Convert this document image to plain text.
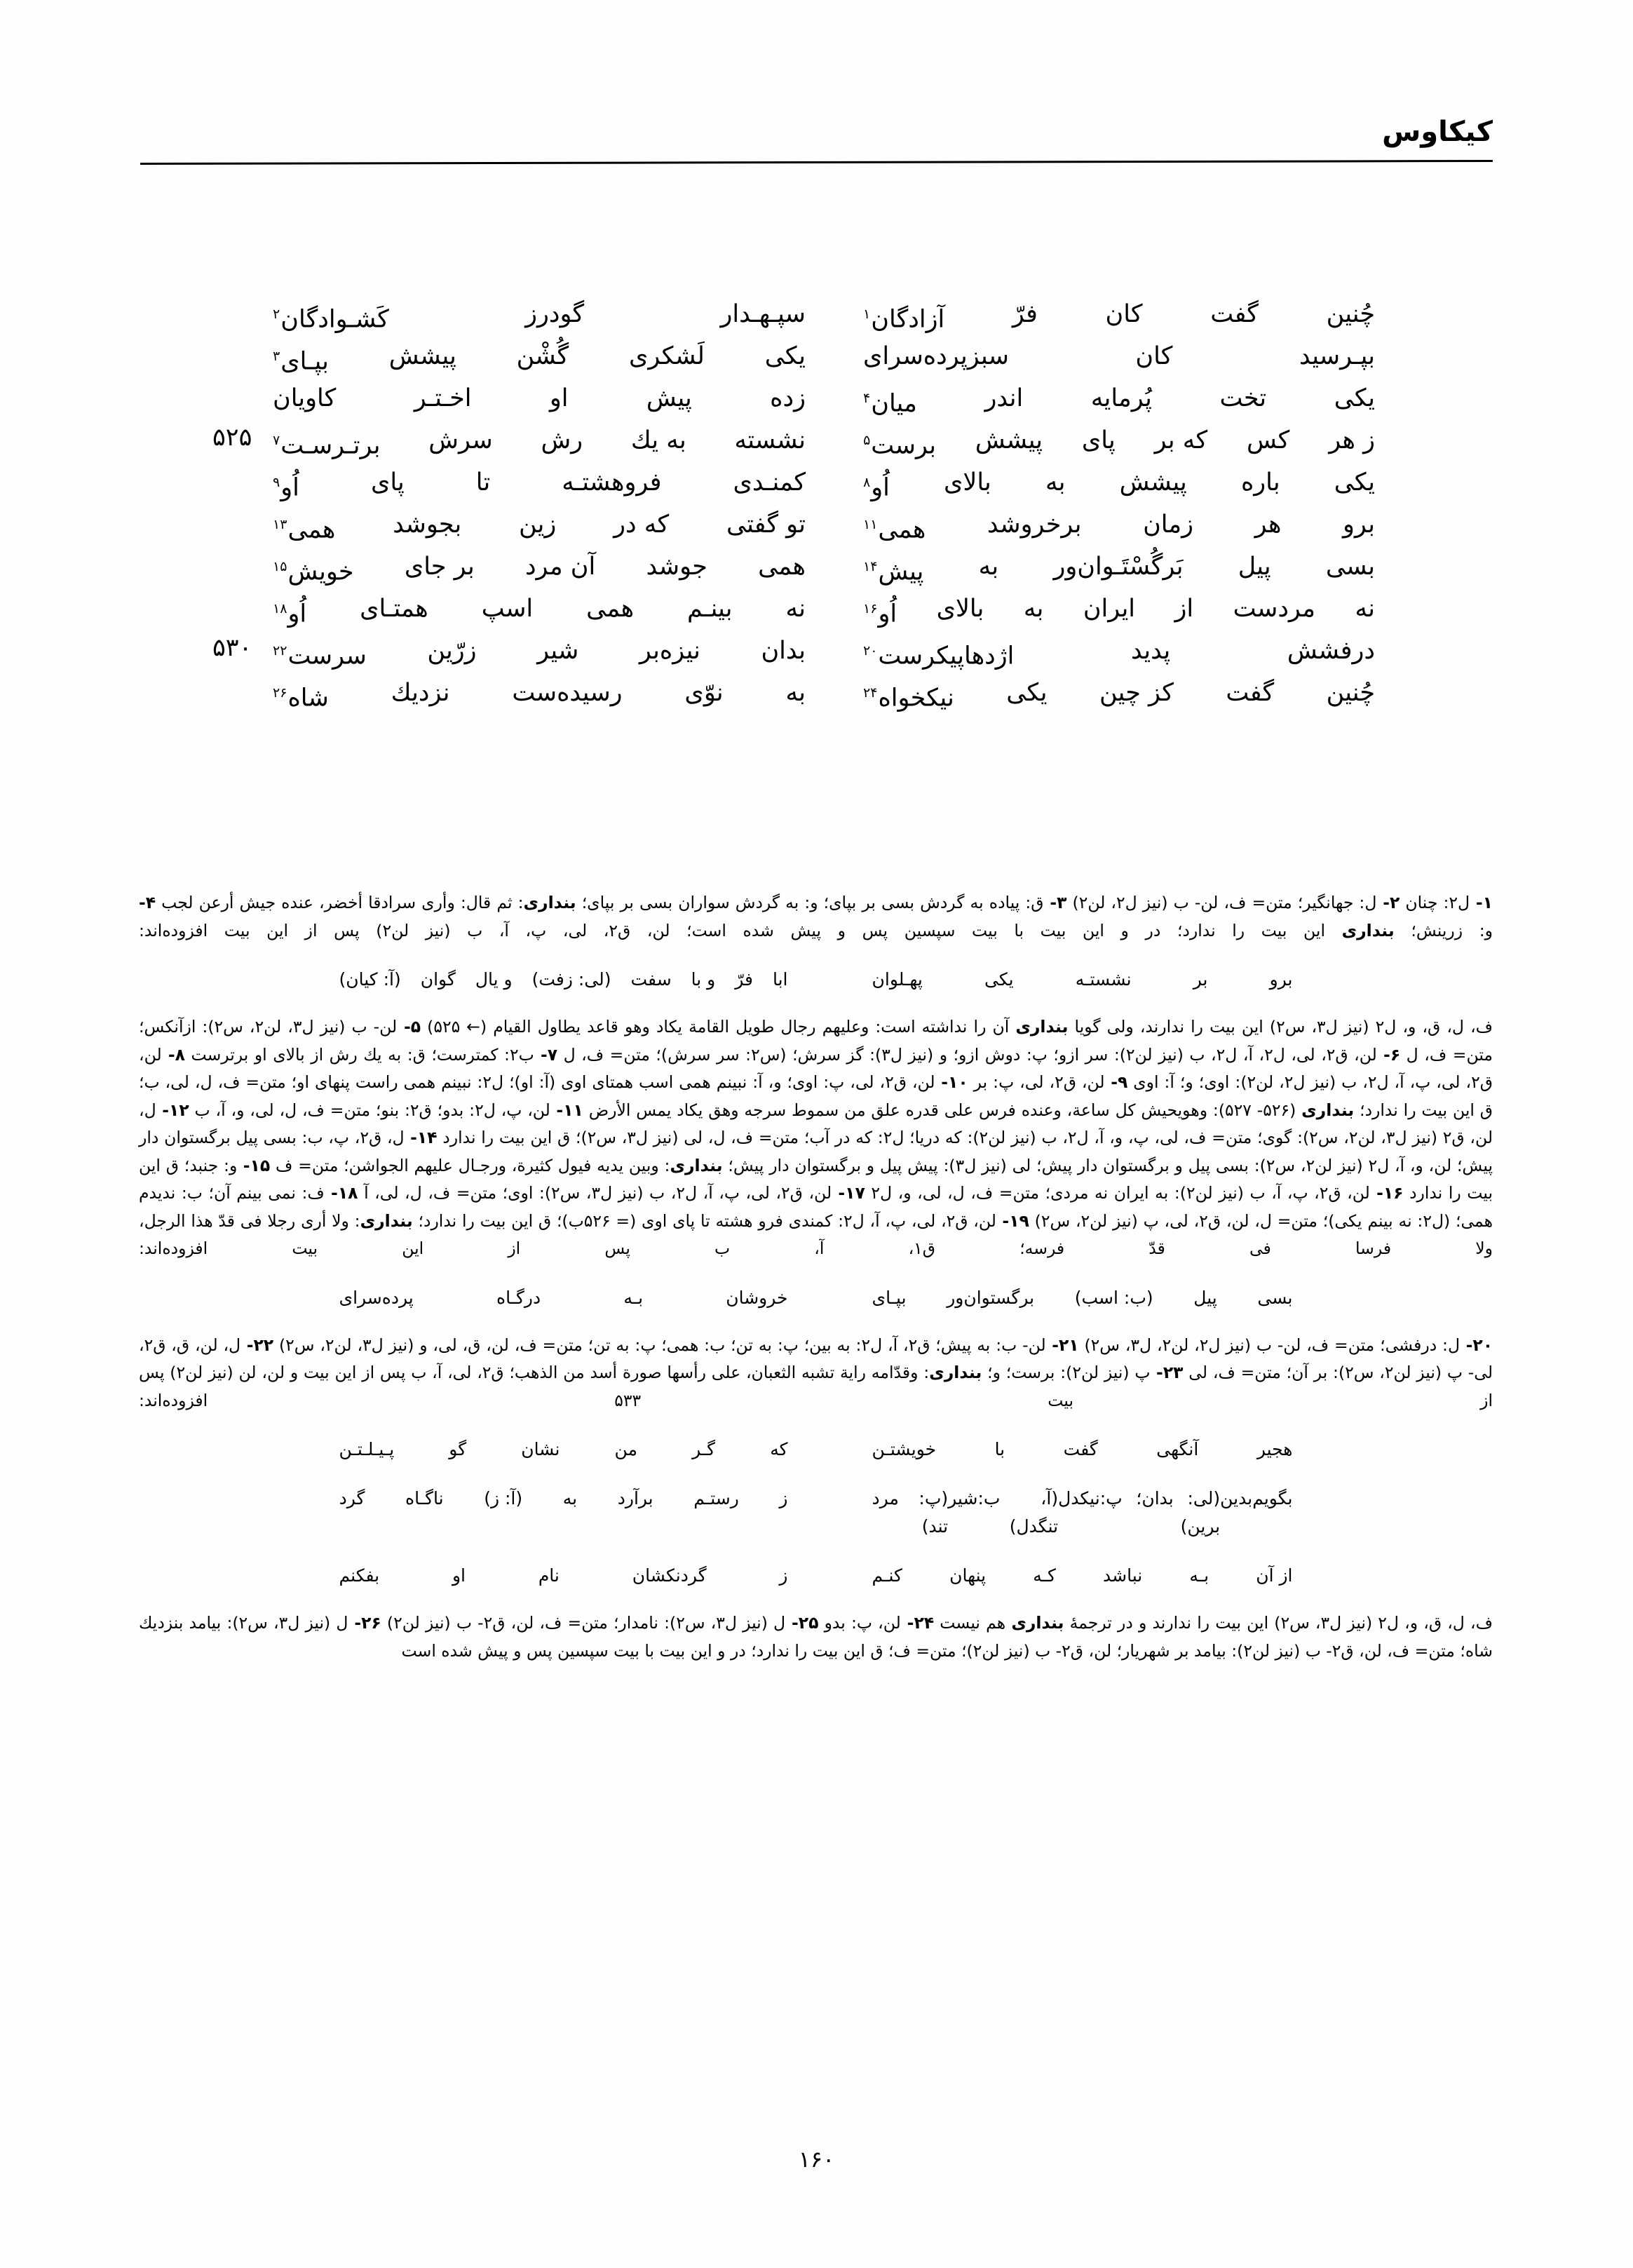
کیکاوس
چُنین
گفت
کان
فرّ
آزادگان$^۱$
سپـهـدار
گودرز
کَشـوادگان$^۲$
بپـرسید
کان
سبزپرده‌سرای
یکی
لَشکری
گُشْن
پیشش
بپـای$^۳$
یکی
تخت
پُرمایه
اندر
میان$^۴$
زده
پیش
او
اخـتـر
کاویان
۵۲۵	ز هر
کس
که بر
پای
پیشش
برست$^۵$
نشسته
به یك
رش
سرش
برتـرسـت$^۷$
یکی
باره
پیشش
به
بالای
اُو$^۸$
کمنـدی
فروهشتـه
تا
پای
اُو$^۹$
برو
هر
زمان
برخروشد
همی$^{۱۱}$
تو گفتی
که در
زین
بجوشد
همی$^{۱۳}$
بسی
پیل
بَرگُسْتَـوان‌ور
به
پیش$^{۱۴}$
همی
جوشد
آن مرد
بر جای
خویش$^{۱۵}$
نه
مردست
از
ایران
به
بالای
اُو$^{۱۶}$
نه
بینـم
همی
اسپ
همتـای
اُو$^{۱۸}$
۵۳۰	درفشش
پدید
اژدهاپیکرست$^{۲۰}$
بدان
نیزه‌بر
شیر
زرّین
سرست$^{۲۲}$
چُنین
گفت
کز چین
یکی
نیکخواه$^{۲۴}$
به
نوّی
رسیده‌ست
نزدیك
شاه$^{۲۶}$

۱- ل۲: چنان ۲- ل: جهانگیر؛ متن= ف، لن- ب (نیز ل۲، لن۲) ۳- ق: پیاده به گردش بسی بر بپای؛ و: به گردش سواران بسی بر بپای؛ بنداری: ثم قال: وأری سرادقا أخضر، عنده جیش أرعن لجب ۴- و: زرینش؛ بنداری این بیت را ندارد؛ در و این بیت با بیت سپسین پس و پیش شده است؛ لن، ق۲، لی، پ، آ، ب (نیز لن۲) پس از این بیت افزوده‌اند:

برو
بر
نشستـه
یکی
پهـلوان
ابا
فرّ
و با
سفت
(لی: زفت)
و یال
گوان
(آ: کیان)

ف، ل، ق، و، ل۲ (نیز ل۳، س۲) این بیت را ندارند، ولی گویا بنداری آن را نداشته است: وعلیهم رجال طویل القامة یكاد وهو قاعد یطاول القیام (← ۵۲۵) ۵- لن- ب (نیز ل۳، لن۲، س۲): ازآنکس؛ متن= ف، ل ۶- لن، ق۲، لی، ل۲، آ، ل۲، ب (نیز لن۲): سر ازو؛ پ: دوش ازو؛ و (نیز ل۳): گز سرش؛ (س۲: سر سرش)؛ متن= ف، ل ۷- ب۲: کمترست؛ ق: به یك رش از بالای او برترست ۸- لن، ق۲، لی، پ، آ، ل۲، ب (نیز ل۲، لن۲): اوی؛ و؛ آ: اوی ۹- لن، ق۲، لی، پ: بر ۱۰- لن، ق۲، لی، پ: اوی؛ و، آ: نبینم همی اسب همتای اوی (آ: او)؛ ل۲: نبینم همی راست پنهای او؛ متن= ف، ل، لی، ب؛ ق این بیت را ندارد؛ بنداری (۵۲۶- ۵۲۷): وهویحیش كل ساعة، وعنده فرس علی قدره علق من سموط سرجه وهق یكاد یمس الأرض ۱۱- لن، پ، ل۲: بدو؛ ق۲: بنو؛ متن= ف، ل، لی، و، آ، ب ۱۲- ل، لن، ق۲ (نیز ل۳، لن۲، س۲): گوی؛ متن= ف، لی، پ، و، آ، ل۲، ب (نیز لن۲): که دریا؛ ل۲: که در آب؛ متن= ف، ل، لی (نیز ل۳، س۲)؛ ق این بیت را ندارد ۱۴- ل، ق۲، پ، ب: بسی پیل برگستوان دار پیش؛ لن، و، آ، ل۲ (نیز لن۲، س۲): بسی پیل و برگستوان دار پیش؛ لی (نیز ل۳): پیش پیل و برگستوان دار پیش؛ بنداری: وبین یدیه فیول كثیرة، ورجـال علیهم الجواشن؛ متن= ف ۱۵- و: جنبد؛ ق این بیت را ندارد ۱۶- لن، ق۲، پ، آ، ب (نیز لن۲): به ایران نه مردی؛ متن= ف، ل، لی، و، ل۲ ۱۷- لن، ق۲، لی، پ، آ، ل۲، ب (نیز ل۳، س۲): اوی؛ متن= ف، ل، لی، آ ۱۸- ف: نمی بینم آن؛ ب: ندیدم همی؛ (ل۲: نه بینم یکی)؛ متن= ل، لن، ق۲، لی، پ (نیز لن۲، س۲) ۱۹- لن، ق۲، لی، پ، آ، ل۲: کمندی فرو هشته تا پای اوی (= ۵۲۶ب)؛ ق این بیت را ندارد؛ بنداری: ولا أری رجلا فی قدّ هذا الرجل، ولا فرسا فی قدّ فرسه؛ ق۱، آ، ب پس از این بیت افزوده‌اند:

بسی
پیل
(ب: اسب)
برگستوان‌ور
بپـای
خروشان
بـه
درگـاه
پرده‌سرای

۲۰- ل: درفشی؛ متن= ف، لن- ب (نیز ل۲، لن۲، ل۳، س۲) ۲۱- لن- ب: به پیش؛ ق۲، آ، ل۲: به بین؛ پ: به تن؛ ب: همی؛ پ: به تن؛ متن= ف، لن، ق، لی، و (نیز ل۳، لن۲، س۲) ۲۲- ل، لن، ق، ق۲، لی- پ (نیز لن۲، س۲): بر آن؛ متن= ف، لی ۲۳- پ (نیز لن۲): برست؛ و؛ بنداری: وقدّامه رایة تشبه الثعبان، علی رأسها صورة أسد من الذهب؛ ق۲، لی، آ، ب پس از این بیت و لن، لن (نیز لن۲) پس از بیت ۵۳۳ افزوده‌اند:

هجیر
آنگهی
گفت
با
خویشتـن
که
گـر
من
نشان
گو
پـیـلـتـن
بگویم‌بدین
(لی: بدان؛ پ: برین)
نیكدل
(آ، ب: تنگدل)
شیر
(پ: تند)
مرد
ز
رستـم
برآرد
به
(آ: ز)
ناگـاه
گرد
از آن
بـه
نباشد
کـه
پنهان
کنـم
ز
گردنکشان
نام
او
بفکنم

ف، ل، ق، و، ل۲ (نیز ل۳، س۲) این بیت را ندارند و در ترجمۀ بنداری هم نیست ۲۴- لن، پ: بدو ۲۵- ل (نیز ل۳، س۲): نامدار؛ متن= ف، لن، ق۲- ب (نیز لن۲) ۲۶- ل (نیز ل۳، س۲): بیامد بنزدیك شاه؛ متن= ف، لن، ق۲- ب (نیز لن۲): بیامد بر شهریار؛ لن، ق۲- ب (نیز لن۲)؛ متن= ف؛ ق این بیت را ندارد؛ در و این بیت با بیت سپسین پس و پیش شده است

۱۶۰
